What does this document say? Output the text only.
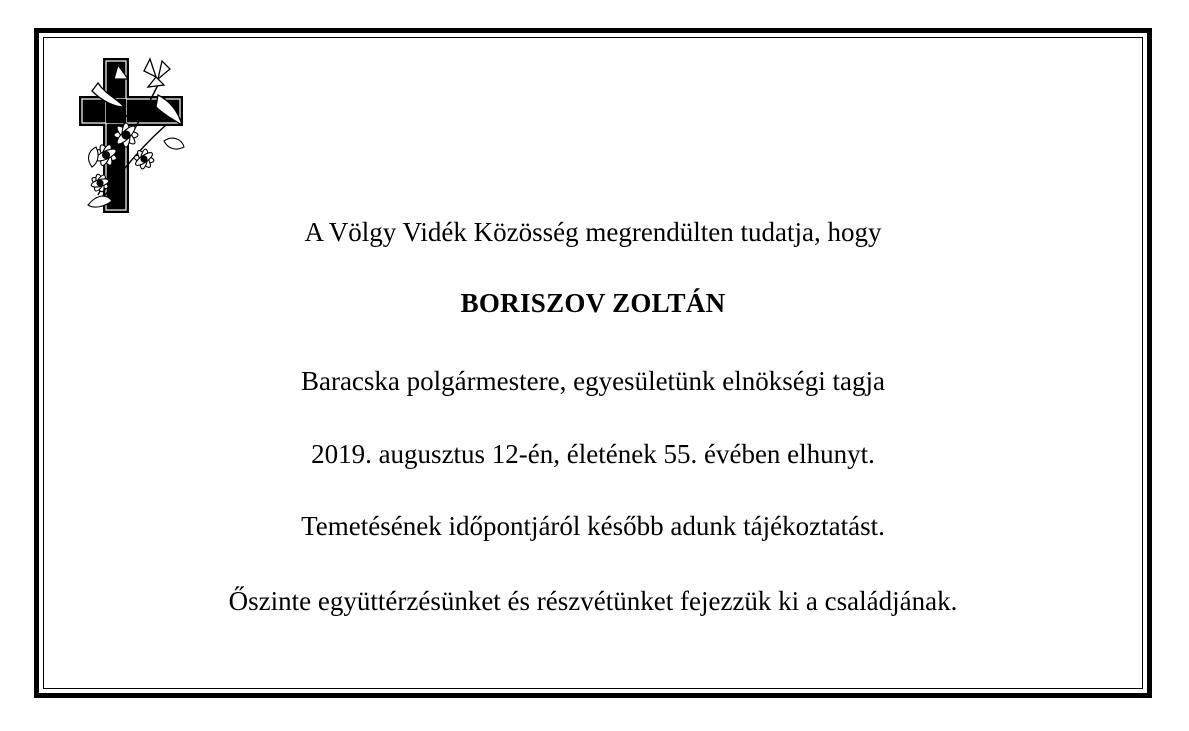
A Völgy Vidék Közösség megrendülten tudatja, hogy
BORISZOV ZOLTÁN
Baracska polgármestere, egyesületünk elnökségi tagja
2019. augusztus 12-én, életének 55. évében elhunyt.
Temetésének időpontjáról később adunk tájékoztatást.
Őszinte együttérzésünket és részvétünket fejezzük ki a családjának.
